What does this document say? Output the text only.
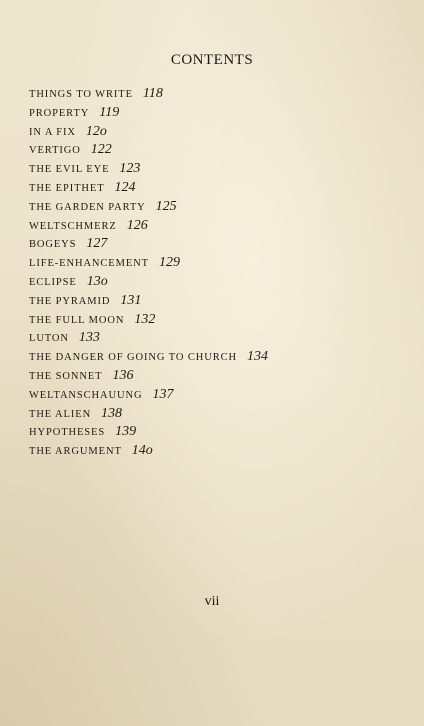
CONTENTS
THINGS TO WRITE 118
PROPERTY 119
IN A FIX 12o
VERTIGO 122
THE EVIL EYE 123
THE EPITHET 124
THE GARDEN PARTY 125
WELTSCHMERZ 126
BOGEYS 127
LIFE-ENHANCEMENT 129
ECLIPSE 13o
THE PYRAMID 131
THE FULL MOON 132
LUTON 133
THE DANGER OF GOING TO CHURCH 134
THE SONNET 136
WELTANSCHAUUNG 137
THE ALIEN 138
HYPOTHESES 139
THE ARGUMENT 14o
vii
